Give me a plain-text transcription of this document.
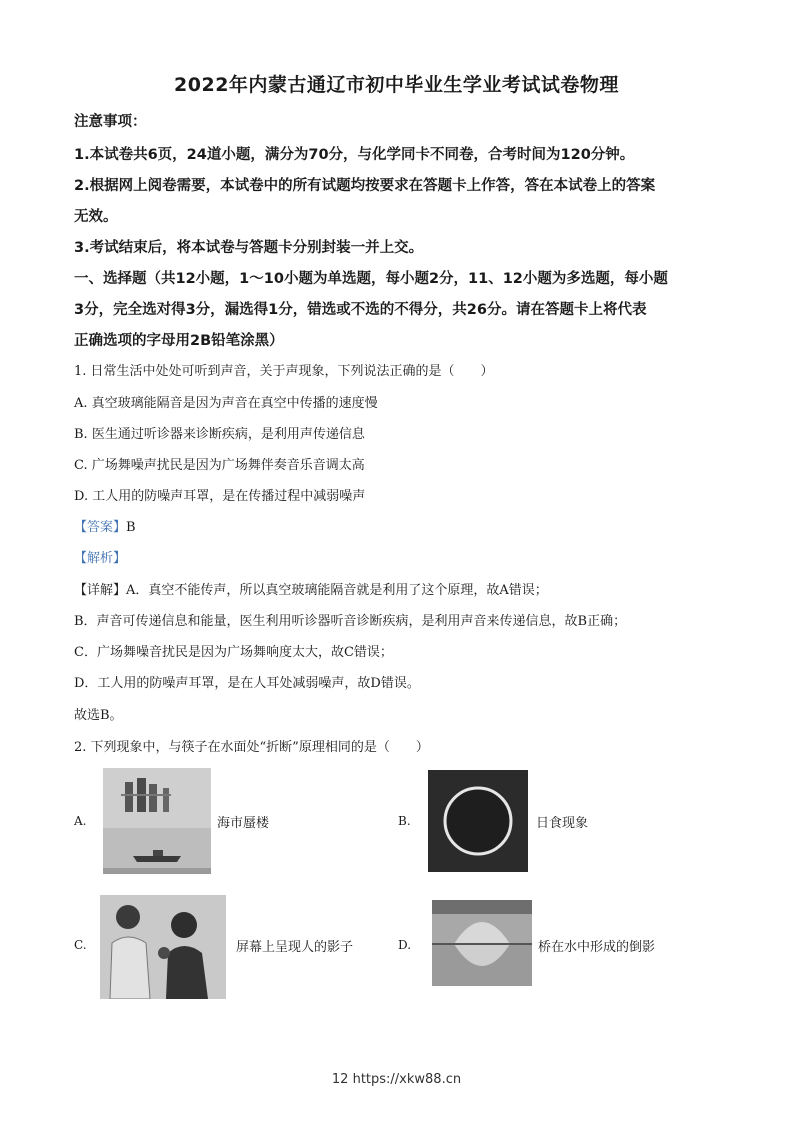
2022年内蒙古通辽市初中毕业生学业考试试卷物理
注意事项：
1.本试卷共6页，24道小题，满分为70分，与化学同卡不同卷，合考时间为120分钟。
2.根据网上阅卷需要，本试卷中的所有试题均按要求在答题卡上作答，答在本试卷上的答案
无效。
3.考试结束后，将本试卷与答题卡分别封装一并上交。
一、选择题（共12小题，1～10小题为单选题，每小题2分，11、12小题为多选题，每小题
3分，完全选对得3分，漏选得1分，错选或不选的不得分，共26分。请在答题卡上将代表
正确选项的字母用2B铅笔涂黑）
1. 日常生活中处处可听到声音，关于声现象，下列说法正确的是（　　）
A. 真空玻璃能隔音是因为声音在真空中传播的速度慢
B. 医生通过听诊器来诊断疾病，是利用声传递信息
C. 广场舞噪声扰民是因为广场舞伴奏音乐音调太高
D. 工人用的防噪声耳罩，是在传播过程中减弱噪声
【答案】B
【解析】
【详解】A．真空不能传声，所以真空玻璃能隔音就是利用了这个原理，故A错误；
B．声音可传递信息和能量，医生利用听诊器听音诊断疾病，是利用声音来传递信息，故B正确；
C．广场舞噪音扰民是因为广场舞响度太大，故C错误；
D．工人用的防噪声耳罩，是在人耳处减弱噪声，故D错误。
故选B。
2. 下列现象中，与筷子在水面处“折断”原理相同的是（　　）
A.	海市蜃楼	B.	日食现象
C.	屏幕上呈现人的影子	D.	桥在水中形成的倒影
12 https://xkw88.cn
